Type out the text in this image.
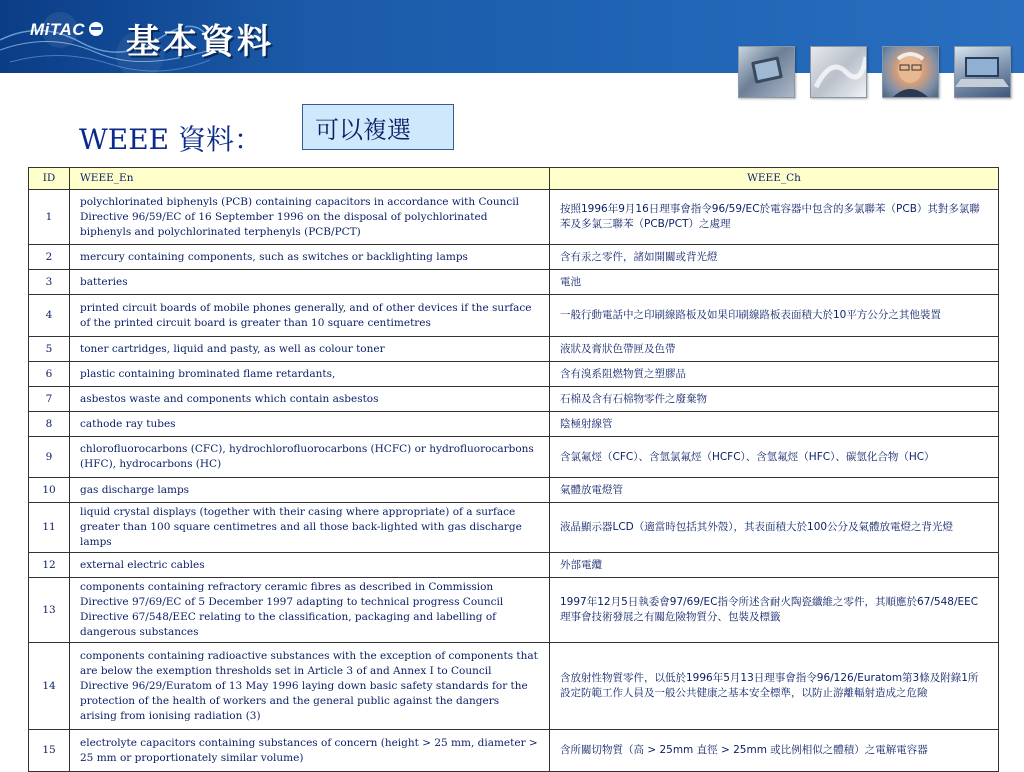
MiTAC	基本資料
WEEE 資料：	可以複選
ID	WEEE_En	WEEE_Ch
1	polychlorinated biphenyls (PCB) containing capacitors in accordance with Council Directive 96/59/EC of 16 September 1996 on the disposal of polychlorinated biphenyls and polychlorinated terphenyls (PCB/PCT)	按照1996年9月16日理事會指令96/59/EC於電容器中包含的多氯聯苯（PCB）其對多氯聯苯及多氯三聯苯（PCB/PCT）之處理
2	mercury containing components, such as switches or backlighting lamps	含有汞之零件，諸如開關或背光燈
3	batteries	電池
4	printed circuit boards of mobile phones generally, and of other devices if the surface of the printed circuit board is greater than 10 square centimetres	一般行動電話中之印刷線路板及如果印刷線路板表面積大於10平方公分之其他裝置
5	toner cartridges, liquid and pasty, as well as colour toner	液狀及膏狀色帶匣及色帶
6	plastic containing brominated flame retardants,	含有溴系阻燃物質之塑膠品
7	asbestos waste and components which contain asbestos	石棉及含有石棉物零件之廢棄物
8	cathode ray tubes	陰極射線管
9	chlorofluorocarbons (CFC), hydrochlorofluorocarbons (HCFC) or hydrofluorocarbons (HFC), hydrocarbons (HC)	含氯氟烴（CFC）、含氫氯氟烴（HCFC）、含氫氟烴（HFC）、碳氫化合物（HC）
10	gas discharge lamps	氣體放電燈管
11	liquid crystal displays (together with their casing where appropriate) of a surface greater than 100 square centimetres and all those back-lighted with gas discharge lamps	液晶顯示器LCD（適當時包括其外殼），其表面積大於100公分及氣體放電燈之背光燈
12	external electric cables	外部電纜
13	components containing refractory ceramic fibres as described in Commission Directive 97/69/EC of 5 December 1997 adapting to technical progress Council Directive 67/548/EEC relating to the classification, packaging and labelling of dangerous substances	1997年12月5日執委會97/69/EC指令所述含耐火陶瓷纖維之零件，其順應於67/548/EEC理事會技術發展之有關危險物質分、包裝及標籤
14	components containing radioactive substances with the exception of components that are below the exemption thresholds set in Article 3 of and Annex I to Council Directive 96/29/Euratom of 13 May 1996 laying down basic safety standards for the protection of the health of workers and the general public against the dangers arising from ionising radiation (3)	含放射性物質零件，以低於1996年5月13日理事會指令96/126/Euratom第3條及附錄1所設定防範工作人員及一般公共健康之基本安全標準，以防止游離輻射造成之危險
15	electrolyte capacitors containing substances of concern (height > 25 mm, diameter > 25 mm or proportionately similar volume)	含所關切物質（高 > 25mm 直徑 > 25mm 或比例相似之體積）之電解電容器
